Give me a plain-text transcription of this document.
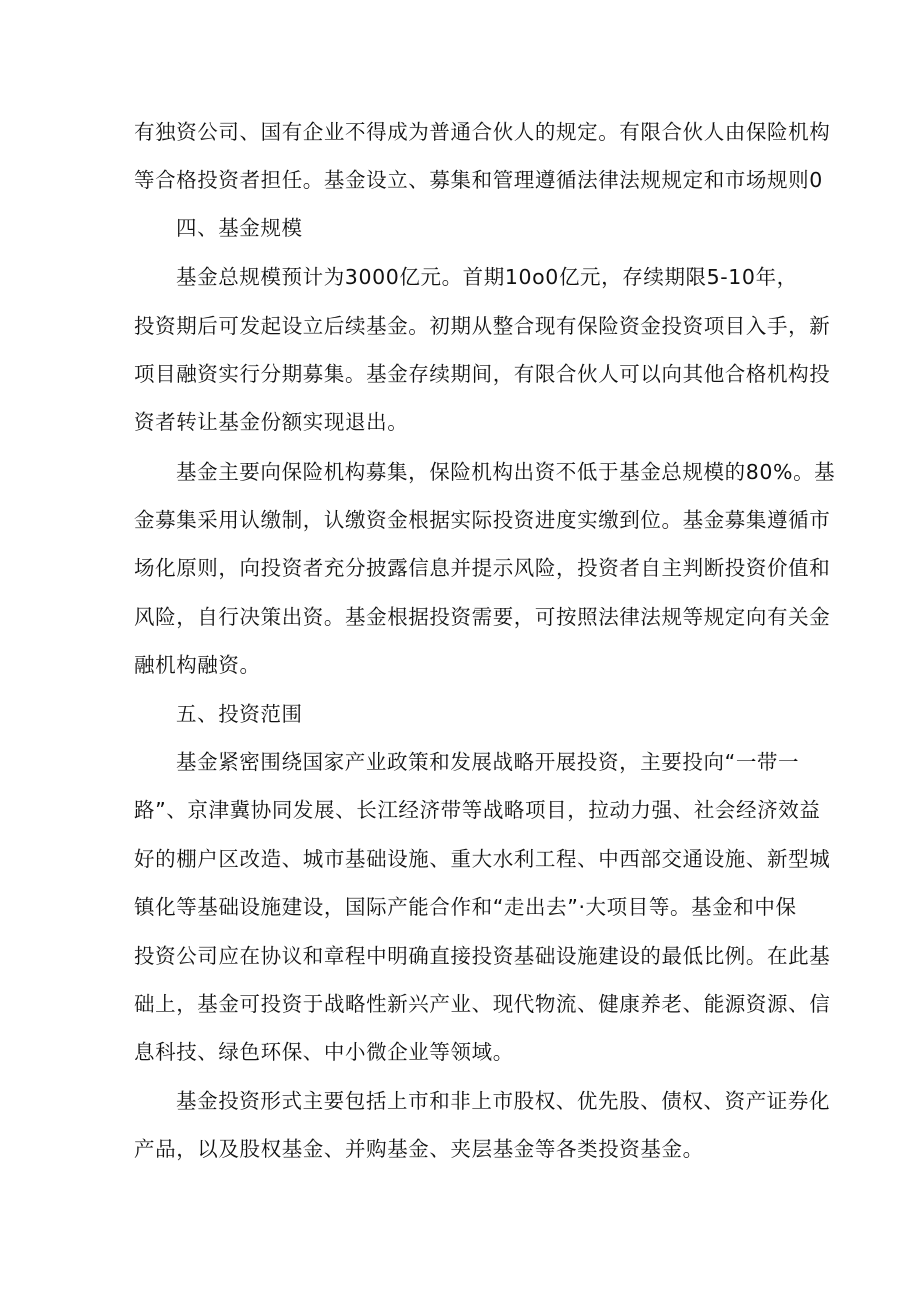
有独资公司、国有企业不得成为普通合伙人的规定。有限合伙人由保险机构
等合格投资者担任。基金设立、募集和管理遵循法律法规规定和市场规则0
四、基金规模
基金总规模预计为3000亿元。首期10o0亿元，存续期限5-10年，
投资期后可发起设立后续基金。初期从整合现有保险资金投资项目入手，新
项目融资实行分期募集。基金存续期间，有限合伙人可以向其他合格机构投
资者转让基金份额实现退出。
基金主要向保险机构募集，保险机构出资不低于基金总规模的80%。基
金募集采用认缴制，认缴资金根据实际投资进度实缴到位。基金募集遵循市
场化原则，向投资者充分披露信息并提示风险，投资者自主判断投资价值和
风险，自行决策出资。基金根据投资需要，可按照法律法规等规定向有关金
融机构融资。
五、投资范围
基金紧密围绕国家产业政策和发展战略开展投资，主要投向“一带一
路”、京津冀协同发展、长江经济带等战略项目，拉动力强、社会经济效益
好的棚户区改造、城市基础设施、重大水利工程、中西部交通设施、新型城
镇化等基础设施建设，国际产能合作和“走出去”·大项目等。基金和中保
投资公司应在协议和章程中明确直接投资基础设施建设的最低比例。在此基
础上，基金可投资于战略性新兴产业、现代物流、健康养老、能源资源、信
息科技、绿色环保、中小微企业等领域。
基金投资形式主要包括上市和非上市股权、优先股、债权、资产证券化
产品，以及股权基金、并购基金、夹层基金等各类投资基金。
